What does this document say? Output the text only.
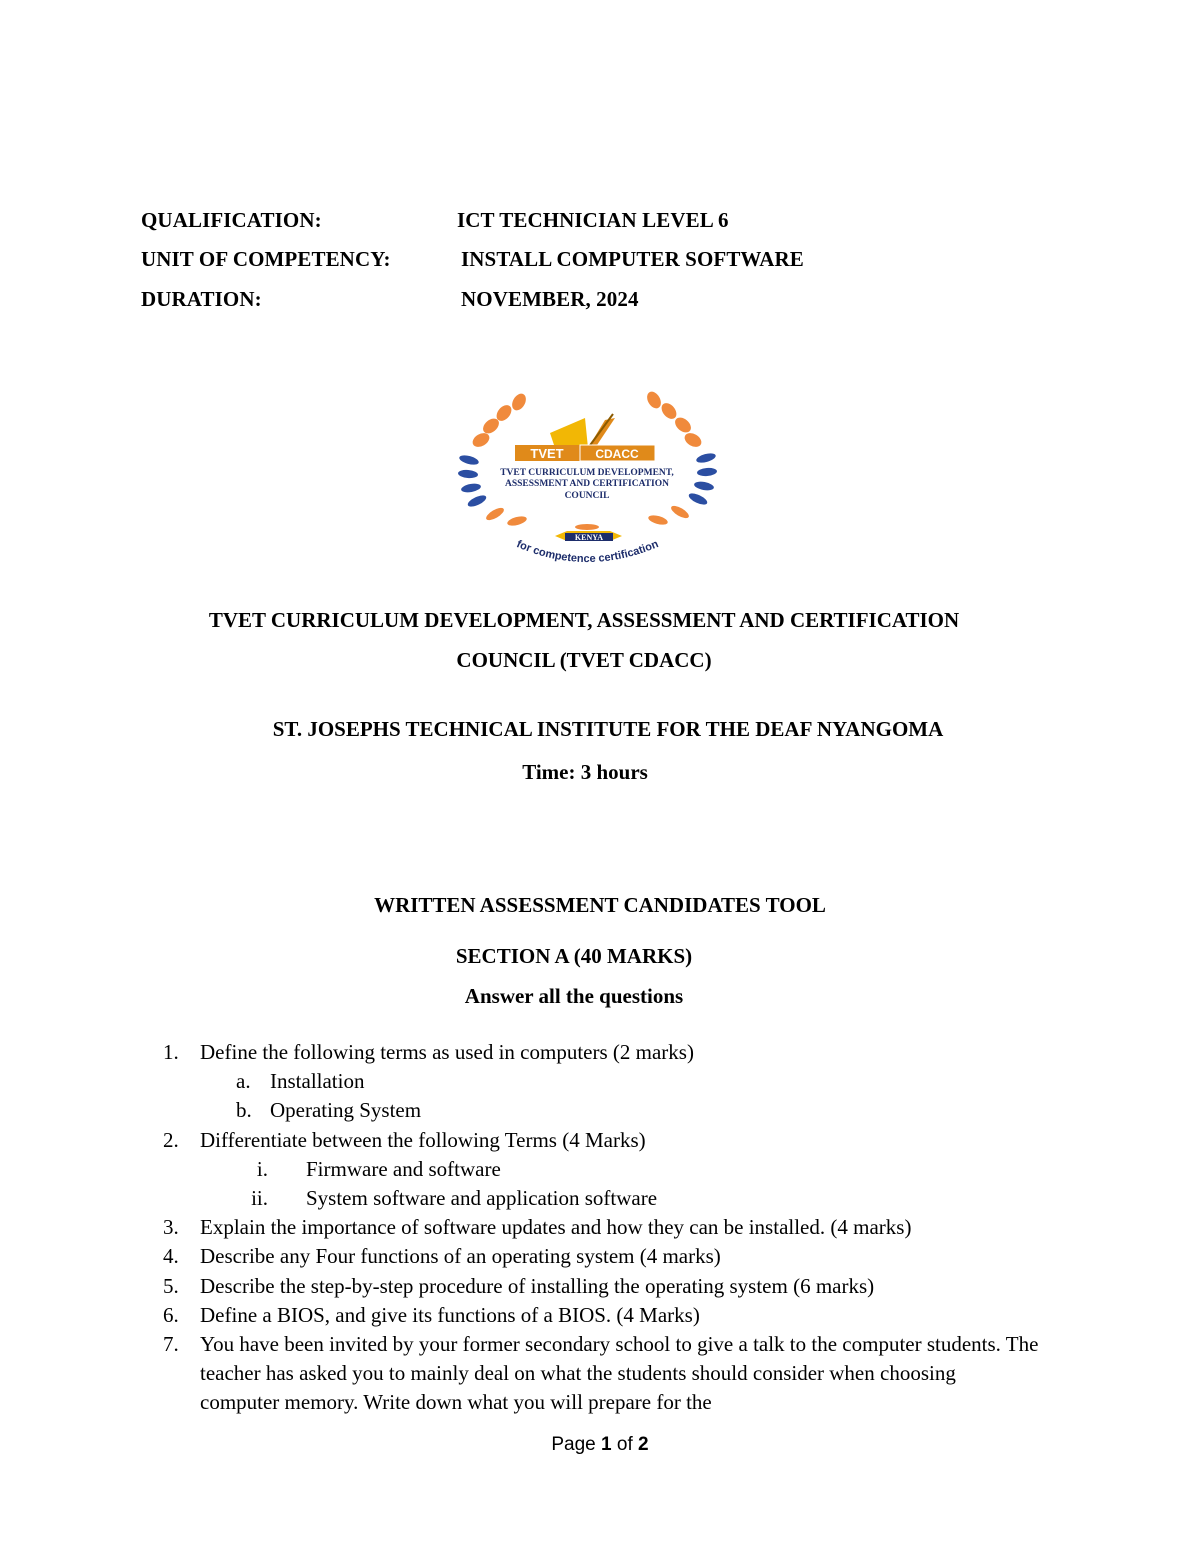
QUALIFICATION:	ICT TECHNICIAN LEVEL 6
UNIT OF COMPETENCY:	INSTALL COMPUTER SOFTWARE
DURATION:	NOVEMBER, 2024
TVET	CDACC
TVET CURRICULUM DEVELOPMENT,
ASSESSMENT AND CERTIFICATION
COUNCIL
KENYA
for competence certification
TVET CURRICULUM DEVELOPMENT, ASSESSMENT AND CERTIFICATION
COUNCIL (TVET CDACC)
ST. JOSEPHS TECHNICAL INSTITUTE FOR THE DEAF NYANGOMA
Time: 3 hours
WRITTEN ASSESSMENT CANDIDATES TOOL
SECTION A (40 MARKS)
Answer all the questions
1.	Define the following terms as used in computers (2 marks)
a. Installation
b. Operating System
2.	Differentiate between the following Terms (4 Marks)
i. Firmware and software
ii. System software and application software
3.	Explain the importance of software updates and how they can be installed. (4 marks)
4.	Describe any Four functions of an operating system (4 marks)
5.	Describe the step-by-step procedure of installing the operating system (6 marks)
6.	Define a BIOS, and give its functions of a BIOS. (4 Marks)
7.	You have been invited by your former secondary school to give a talk to the computer students. The teacher has asked you to mainly deal on what the students should consider when choosing computer memory. Write down what you will prepare for the
Page 1 of 2
